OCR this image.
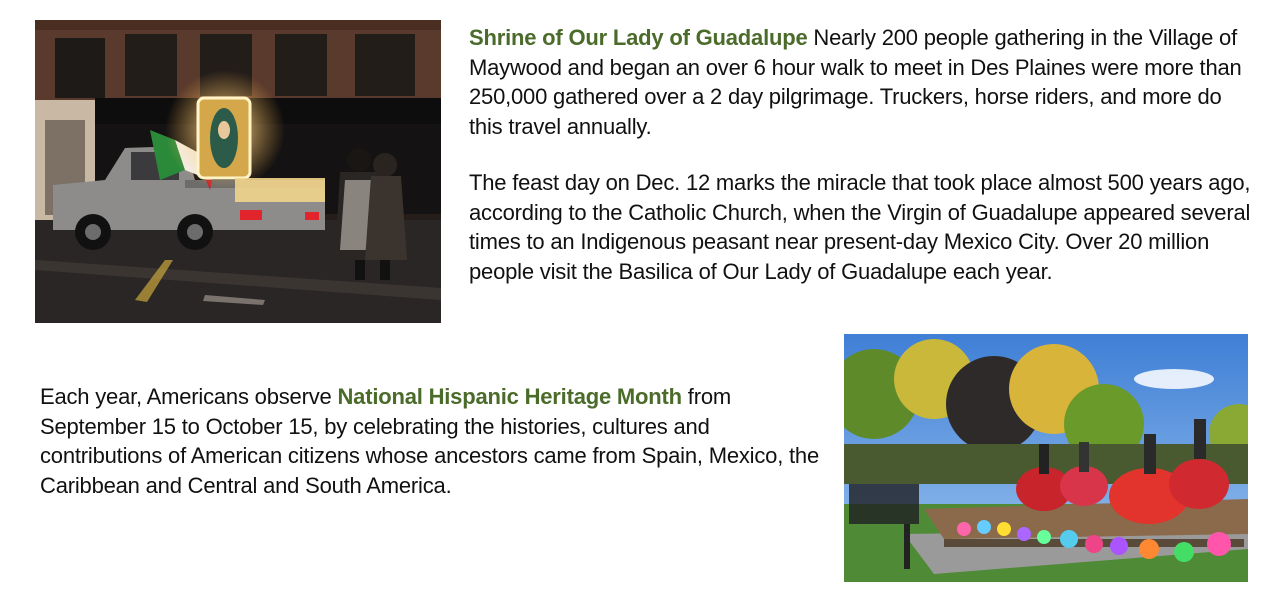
Shrine of Our Lady of Guadalupe Nearly 200 people gathering in the Village of Maywood and began an over 6 hour walk to meet in Des Plaines were more than 250,000 gathered over a 2 day pilgrimage. Truckers, horse riders, and more do this travel annually.

The feast day on Dec. 12 marks the miracle that took place almost 500 years ago, according to the Catholic Church, when the Virgin of Guadalupe appeared several times to an Indigenous peasant near present-day Mexico City. Over 20 million people visit the Basilica of Our Lady of Guadalupe each year.

Each year, Americans observe National Hispanic Heritage Month from September 15 to October 15, by celebrating the histories, cultures and contributions of American citizens whose ancestors came from Spain, Mexico, the Caribbean and Central and South America.
